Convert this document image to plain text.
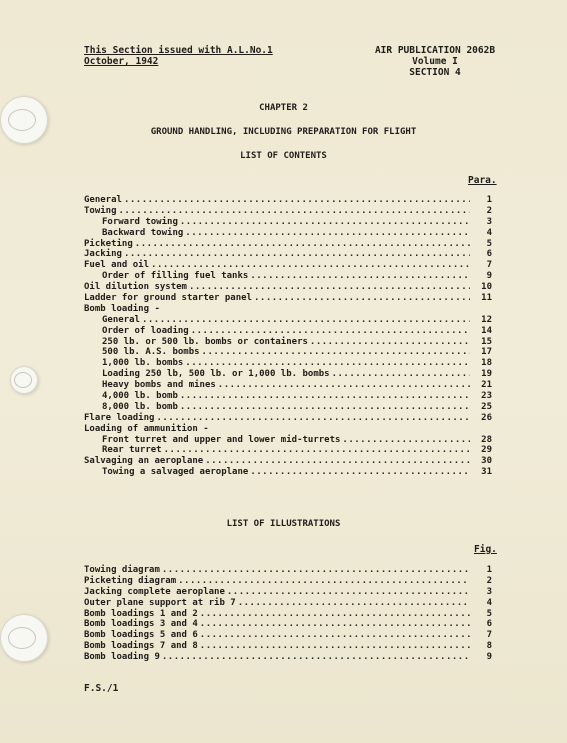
This Section issued with A.L.No.1
October, 1942
AIR PUBLICATION 2062B
Volume I
SECTION 4
CHAPTER 2
GROUND HANDLING, INCLUDING PREPARATION FOR FLIGHT
LIST OF CONTENTS
Para.
General .....	1
Towing .....	2
Forward towing .....	3
Backward towing .....	4
Picketing .....	5
Jacking .....	6
Fuel and oil .....	7
Order of filling fuel tanks .....	9
Oil dilution system .....	10
Ladder for ground starter panel .....	11
Bomb loading -
General .....	12
Order of loading .....	14
250 lb. or 500 lb. bombs or containers .....	15
500 lb. A.S. bombs .....	17
1,000 lb. bombs .....	18
Loading 250 lb, 500 lb. or 1,000 lb. bombs .....	19
Heavy bombs and mines .....	21
4,000 lb. bomb .....	23
8,000 lb. bomb .....	25
Flare loading .....	26
Loading of ammunition -
Front turret and upper and lower mid-turrets .....	28
Rear turret .....	29
Salvaging an aeroplane .....	30
Towing a salvaged aeroplane .....	31
LIST OF ILLUSTRATIONS
Fig.
Towing diagram .....	1
Picketing diagram .....	2
Jacking complete aeroplane .....	3
Outer plane support at rib 7 .....	4
Bomb loadings 1 and 2 .....	5
Bomb loadings 3 and 4 .....	6
Bomb loadings 5 and 6 .....	7
Bomb loadings 7 and 8 .....	8
Bomb loading 9 .....	9
F.S./1
